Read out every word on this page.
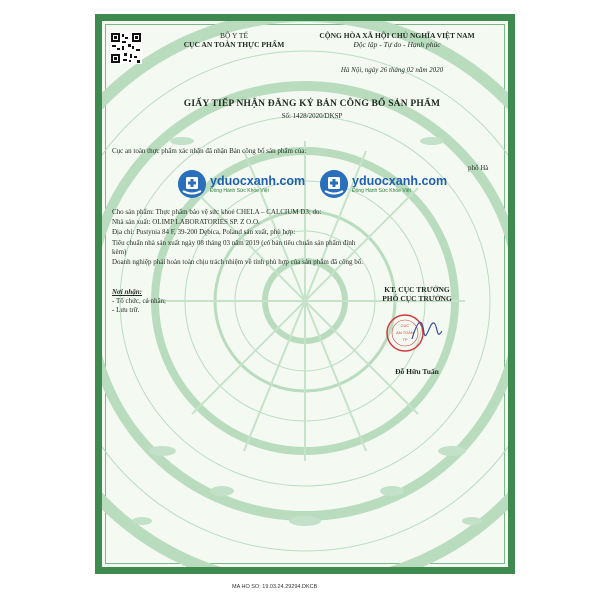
BỘ Y TẾ
CỤC AN TOÀN THỰC PHẨM
CỘNG HÒA XÃ HỘI CHỦ NGHĨA VIỆT NAM
Độc lập - Tự do - Hạnh phúc
Hà Nội, ngày 26 tháng 02 năm 2020
GIẤY TIẾP NHẬN ĐĂNG KÝ BẢN CÔNG BỐ SẢN PHẨM
Số: 1428/2020/DKSP
Cục an toàn thực phẩm xác nhận đã nhận Bản công bố sản phẩm của:
phố Hà
yduocxanh.com
Đồng Hành Sức Khỏe Việt
yduocxanh.com
Đồng Hành Sức Khỏe Việt
Cho sản phẩm: Thực phẩm bảo vệ sức khoẻ CHELA – CALCIUM D3; do:
Nhà sản xuất: OLIMP LABORATORIES SP. Z O.O.
Địa chỉ: Pustynia 84 F, 39-200 Dębica, Poland sản xuất, phù hợp:
Tiêu chuẩn nhà sản xuất ngày 08 tháng 03 năm 2019 (có bản tiêu chuẩn sản phẩm đính
kèm)
Doanh nghiệp phải hoàn toàn chịu trách nhiệm về tính phù hợp của sản phẩm đã công bố.
Nơi nhận:
- Tổ chức, cá nhân;
- Lưu trữ.
KT. CỤC TRƯỞNG
PHÓ CỤC TRƯỞNG
CỤC
AN TOÀN
TP
Đỗ Hữu Tuấn
MA HO SO: 19.03.24.29294.DKCB
